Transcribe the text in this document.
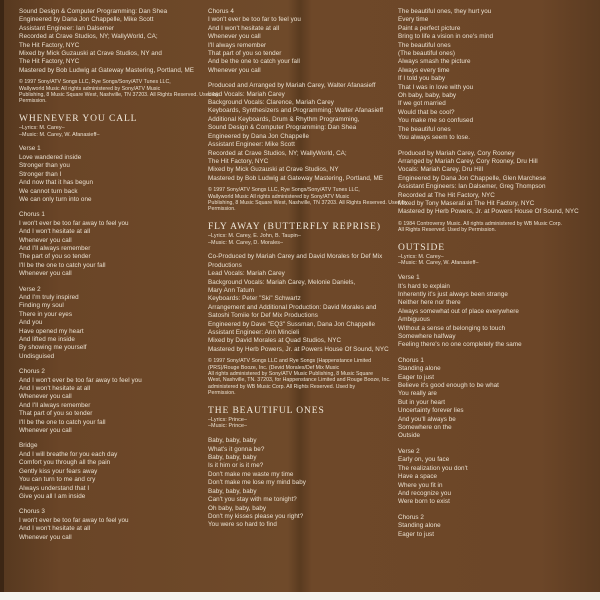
Sound Design & Computer Programming: Dan Shea
Engineered by Dana Jon Chappelle, Mike Scott
Assistant Engineer: Ian Dalsemer
Recorded at Crave Studios, NY; WallyWorld, CA;
The Hit Factory, NYC
Mixed by Mick Guzauski at Crave Studios, NY and
The Hit Factory, NYC
Mastered by Bob Ludwig at Gateway Mastering, Portland, ME
© 1997 Sony/ATV Songs LLC, Rye Songs/Sony/ATV Tunes LLC,
Wallyworld Music All rights administered by Sony/ATV Music
Publishing, 8 Music Square West, Nashville, TN 37203. All Rights Reserved. Used by
Permission.
WHENEVER YOU CALL
–Lyrics: M. Carey–
–Music: M. Carey, W. Afanasieff–
Verse 1
Love wandered inside
Stronger than you
Stronger than I
And now that it has begun
We cannot turn back
We can only turn into one
Chorus 1
I won't ever be too far away to feel you
And I won't hesitate at all
Whenever you call
And I'll always remember
The part of you so tender
I'll be the one to catch your fall
Whenever you call
Verse 2
And I'm truly inspired
Finding my soul
There in your eyes
And you
Have opened my heart
And lifted me inside
By showing me yourself
Undisguised
Chorus 2
And I won't ever be too far away to feel you
And I won't hesitate at all
Whenever you call
And I'll always remember
That part of you so tender
I'll be the one to catch your fall
Whenever you call
Bridge
And I will breathe for you each day
Comfort you through all the pain
Gently kiss your fears away
You can turn to me and cry
Always understand that I
Give you all I am inside
Chorus 3
I won't ever be too far away to feel you
And I won't hesitate at all
Whenever you call
Chorus 4
I won't ever be too far to feel you
And I won't hesitate at all
Whenever you call
I'll always remember
That part of you so tender
And be the one to catch your fall
Whenever you call
Produced and Arranged by Mariah Carey, Walter Afanasieff
Lead Vocals: Mariah Carey
Background Vocals: Clarence, Mariah Carey
Keyboards, Synthesizers and Programming: Walter Afanasieff
Additional Keyboards, Drum & Rhythm Programming,
Sound Design & Computer Programming: Dan Shea
Engineered by Dana Jon Chappelle
Assistant Engineer: Mike Scott
Recorded at Crave Studios, NY; WallyWorld, CA;
The Hit Factory, NYC
Mixed by Mick Guzauski at Crave Studios, NY
Mastered by Bob Ludwig at Gateway Mastering, Portland, ME
© 1997 Sony/ATV Songs LLC, Rye Songs/Sony/ATV Tunes LLC,
Wallyworld Music All rights administered by Sony/ATV Music
Publishing, 8 Music Square West, Nashville, TN 37203. All Rights Reserved. Used by
Permission.
FLY AWAY (BUTTERFLY REPRISE)
–Lyrics: M. Carey, E. John, B. Taupin–
–Music: M. Carey, D. Morales–
Co-Produced by Mariah Carey and David Morales for Def Mix
Productions
Lead Vocals: Mariah Carey
Background Vocals: Mariah Carey, Melonie Daniels,
Mary Ann Tatum
Keyboards: Peter "Ski" Schwartz
Arrangement and Additional Production: David Morales and
Satoshi Tomiie for Def Mix Productions
Engineered by Dave "EQ3" Sussman, Dana Jon Chappelle
Assistant Engineer: Ann Mincieli
Mixed by David Morales at Quad Studios, NYC
Mastered by Herb Powers, Jr. at Powers House Of Sound, NYC
© 1997 Sony/ATV Songs LLC and Rye Songs (Happenstance Limited
(PRS)/Rouge Booze, Inc. (Devid Morales/Def Mix Music
All rights administered by Sony/ATV Music Publishing, 8 Music Square
West, Nashville, TN. 37203, for Happenstance Limited and Rouge Booze, Inc.
administered by WB Music Corp. All Rights Reserved. Used by
Permission.
THE BEAUTIFUL ONES
–Lyrics: Prince–
–Music: Prince–
Baby, baby, baby
What's it gonna be?
Baby, baby, baby
Is it him or is it me?
Don't make me waste my time
Don't make me lose my mind baby
Baby, baby, baby
Can't you stay with me tonight?
Oh baby, baby, baby
Don't my kisses please you right?
You were so hard to find
The beautiful ones, they hurt you
Every time
Paint a perfect picture
Bring to life a vision in one's mind
The beautiful ones
(The beautiful ones)
Always smash the picture
Always every time
If I told you baby
That I was in love with you
Oh baby, baby, baby
If we got married
Would that be cool?
You make me so confused
The beautiful ones
You always seem to lose.
Produced by Mariah Carey, Cory Rooney
Arranged by Mariah Carey, Cory Rooney, Dru Hill
Vocals: Mariah Carey, Dru Hill
Engineered by Dana Jon Chappelle, Glen Marchese
Assistant Engineers: Ian Dalsemer, Greg Thompson
Recorded at The Hit Factory, NYC
Mixed by Tony Maserati at The Hit Factory, NYC
Mastered by Herb Powers, Jr. at Powers House Of Sound, NYC
© 1984 Controversy Music. All rights administered by WB Music Corp.
All Rights Reserved. Used by Permission.
OUTSIDE
–Lyrics: M. Carey–
–Music: M. Carey, W. Afanasieff–
Verse 1
It's hard to explain
Inherently it's just always been strange
Neither here nor there
Always somewhat out of place everywhere
Ambiguous
Without a sense of belonging to touch
Somewhere halfway
Feeling there's no one completely the same
Chorus 1
Standing alone
Eager to just
Believe it's good enough to be what
You really are
But in your heart
Uncertainty forever lies
And you'll always be
Somewhere on the
Outside
Verse 2
Early on, you face
The realization you don't
Have a space
Where you fit in
And recognize you
Were born to exist
Chorus 2
Standing alone
Eager to just
